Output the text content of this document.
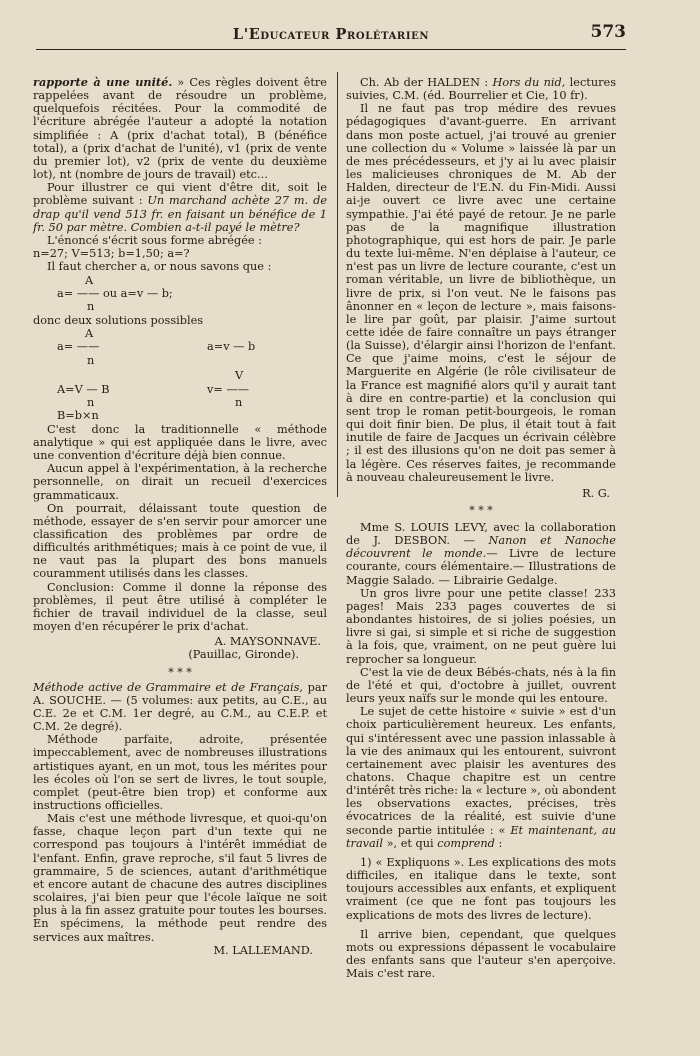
L'Educateur Prolétarien	573

rapporte à une unité. » Ces règles doivent être rappelées avant de résoudre un problème, quelquefois récitées. Pour la commodité de l'écriture abrégée l'auteur a adopté la notation simplifiée : A (prix d'achat total), B (bénéfice total), a (prix d'achat de l'unité), v1 (prix de vente du premier lot), v2 (prix de vente du deuxième lot), nt (nombre de jours de travail) etc...

Pour illustrer ce qui vient d'être dit, soit le problème suivant : Un marchand achète 27 m. de drap qu'il vend 513 fr. en faisant un bénéfice de 1 fr. 50 par mètre. Combien a-t-il payé le mètre?

L'énoncé s'écrit sous forme abrégée :

n=27; V=513; b=1,50; a=?

Il faut chercher a, or nous savons que :

A
a= —— ou a=v — b;
n

donc deux solutions possibles

A
a= ——	a=v — b
n
V
A=V — B	v= ——
n	n
B=b×n

C'est donc la traditionnelle « méthode analytique » qui est appliquée dans le livre, avec une convention d'écriture déjà bien connue.

Aucun appel à l'expérimentation, à la recherche personnelle, on dirait un recueil d'exercices grammaticaux.

On pourrait, délaissant toute question de méthode, essayer de s'en servir pour amorcer une classification des problèmes par ordre de difficultés arithmétiques; mais à ce point de vue, il ne vaut pas la plupart des bons manuels couramment utilisés dans les classes.

Conclusion: Comme il donne la réponse des problèmes, il peut être utilisé à compléter le fichier de travail individuel de la classe, seul moyen d'en récupérer le prix d'achat.

A. MAYSONNAVE.

(Pauillac, Gironde).

* * *

Méthode active de Grammaire et de Français, par A. SOUCHE. — (5 volumes: aux petits, au C.E., au C.E. 2e et C.M. 1er degré, au C.M., au C.E.P. et C.M. 2e degré).

Méthode parfaite, adroite, présentée impeccablement, avec de nombreuses illustrations artistiques ayant, en un mot, tous les mérites pour les écoles où l'on se sert de livres, le tout souple, complet (peut-être bien trop) et conforme aux instructions officielles.

Mais c'est une méthode livresque, et quoi-qu'on fasse, chaque leçon part d'un texte qui ne correspond pas toujours à l'intérêt immédiat de l'enfant. Enfin, grave reproche, s'il faut 5 livres de grammaire, 5 de sciences, autant d'arithmétique et encore autant de chacune des autres disciplines scolaires, j'ai bien peur que l'école laïque ne soit plus à la fin assez gratuite pour toutes les bourses. En spécimens, la méthode peut rendre des services aux maîtres.

M. LALLEMAND.

Ch. Ab der HALDEN : Hors du nid, lectures suivies, C.M. (éd. Bourrelier et Cie, 10 fr).

Il ne faut pas trop médire des revues pédagogiques d'avant-guerre. En arrivant dans mon poste actuel, j'ai trouvé au grenier une collection du « Volume » laissée là par un de mes précédesseurs, et j'y ai lu avec plaisir les malicieuses chroniques de M. Ab der Halden, directeur de l'E.N. du Fin-Midi. Aussi ai-je ouvert ce livre avec une certaine sympathie. J'ai été payé de retour. Je ne parle pas de la magnifique illustration photographique, qui est hors de pair. Je parle du texte lui-même. N'en déplaise à l'auteur, ce n'est pas un livre de lecture courante, c'est un roman véritable, un livre de bibliothèque, un livre de prix, si l'on veut. Ne le faisons pas ânonner en « leçon de lecture », mais faisons-le lire par goût, par plaisir. J'aime surtout cette idée de faire connaître un pays étranger (la Suisse), d'élargir ainsi l'horizon de l'enfant. Ce que j'aime moins, c'est le séjour de Marguerite en Algérie (le rôle civilisateur de la France est magnifié alors qu'il y aurait tant à dire en contre-partie) et la conclusion qui sent trop le roman petit-bourgeois, le roman qui doit finir bien. De plus, il était tout à fait inutile de faire de Jacques un écrivain célèbre ; il est des illusions qu'on ne doit pas semer à la légère. Ces réserves faites, je recommande à nouveau chaleureusement le livre.

R. G.

* * *

Mme S. LOUIS LEVY, avec la collaboration de J. DESBON. — Nanon et Nanoche découvrent le monde.— Livre de lecture courante, cours élémentaire.— Illustrations de Maggie Salado. — Librairie Gedalge.

Un gros livre pour une petite classe! 233 pages! Mais 233 pages couvertes de si abondantes histoires, de si jolies poésies, un livre si gai, si simple et si riche de suggestion à la fois, que, vraiment, on ne peut guère lui reprocher sa longueur.

C'est la vie de deux Bébés-chats, nés à la fin de l'été et qui, d'octobre à juillet, ouvrent leurs yeux naïfs sur le monde qui les entoure.

Le sujet de cette histoire « suivie » est d'un choix particulièrement heureux. Les enfants, qui s'intéressent avec une passion inlassable à la vie des animaux qui les entourent, suivront certainement avec plaisir les aventures des chatons. Chaque chapitre est un centre d'intérêt très riche: la « lecture », où abondent les observations exactes, précises, très évocatrices de la réalité, est suivie d'une seconde partie intitulée : « Et maintenant, au travail », et qui comprend :

1) « Expliquons ». Les explications des mots difficiles, en italique dans le texte, sont toujours accessibles aux enfants, et expliquent vraiment (ce que ne font pas toujours les explications de mots des livres de lecture).

Il arrive bien, cependant, que quelques mots ou expressions dépassent le vocabulaire des enfants sans que l'auteur s'en aperçoive. Mais c'est rare.
